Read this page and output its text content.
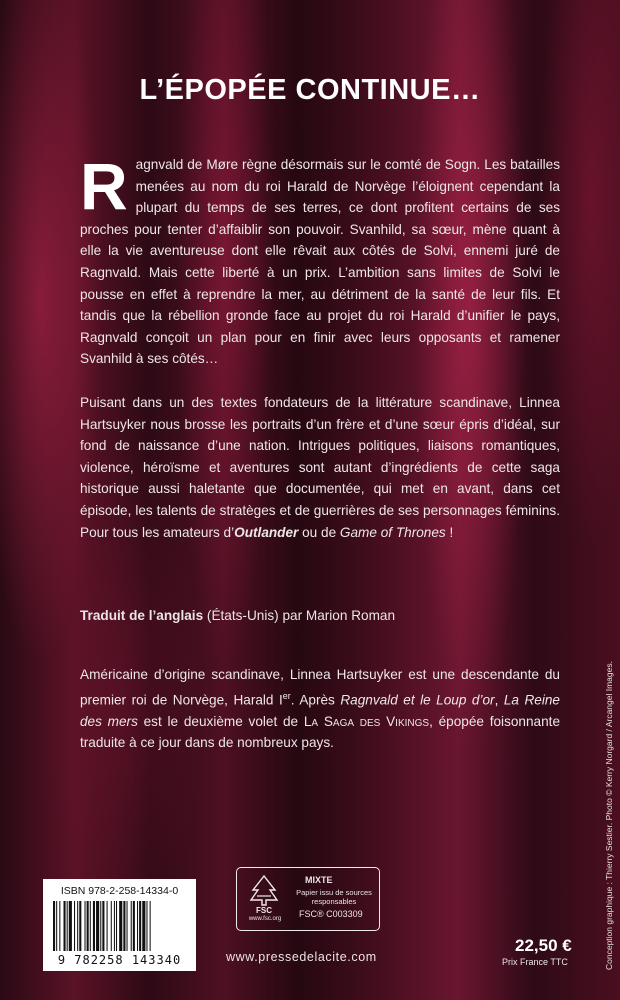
L’ÉPOPÉE CONTINUE…

Ragnvald de Møre règne désormais sur le comté de Sogn. Les batailles menées au nom du roi Harald de Norvège l’éloignent cependant la plupart du temps de ses terres, ce dont profitent certains de ses proches pour tenter d’affaiblir son pouvoir. Svanhild, sa sœur, mène quant à elle la vie aventureuse dont elle rêvait aux côtés de Solvi, ennemi juré de Ragnvald. Mais cette liberté à un prix. L’ambition sans limites de Solvi le pousse en effet à reprendre la mer, au détriment de la santé de leur fils. Et tandis que la rébellion gronde face au projet du roi Harald d’unifier le pays, Ragnvald conçoit un plan pour en finir avec leurs opposants et ramener Svanhild à ses côtés…

Puisant dans un des textes fondateurs de la littérature scandinave, Linnea Hartsuyker nous brosse les portraits d’un frère et d’une sœur épris d’idéal, sur fond de naissance d’une nation. Intrigues politiques, liaisons romantiques, violence, héroïsme et aventures sont autant d’ingrédients de cette saga historique aussi haletante que documentée, qui met en avant, dans cet épisode, les talents de stratèges et de guerrières de ses personnages féminins. Pour tous les amateurs d’Outlander ou de Game of Thrones !

Traduit de l’anglais (États-Unis) par Marion Roman

Américaine d’origine scandinave, Linnea Hartsuyker est une descendante du premier roi de Norvège, Harald Ier. Après Ragnvald et le Loup d’or, La Reine des mers est le deuxième volet de La Saga des Vikings, épopée foisonnante traduite à ce jour dans de nombreux pays.	Conception graphique : Thierry Sestier. Photo © Kerry Norgard / Arcangel Images.

ISBN 978-2-258-14334-0

9 782258 143340

FSC

www.fsc.org

MIXTE

Papier issu de sources responsables

FSC® C003309

www.pressedelacite.com

22,50 €

Prix France TTC
